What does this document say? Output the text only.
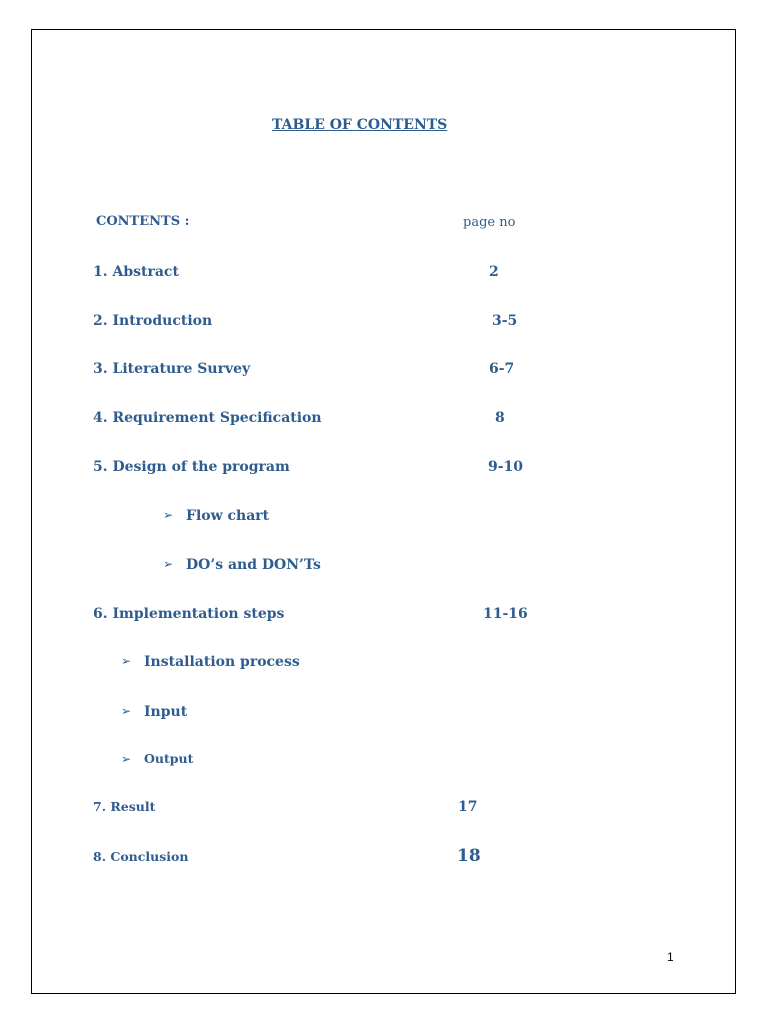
TABLE OF CONTENTS
CONTENTS :	page no
1. Abstract	2
2. Introduction	3-5
3. Literature Survey	6-7
4. Requirement Specification	8
5. Design of the program	9-10
➢ Flow chart
➢ DO’s and DON’Ts
6. Implementation steps	11-16
➢ Installation process
➢ Input
➢ Output
7. Result	17
8. Conclusion	18
1
